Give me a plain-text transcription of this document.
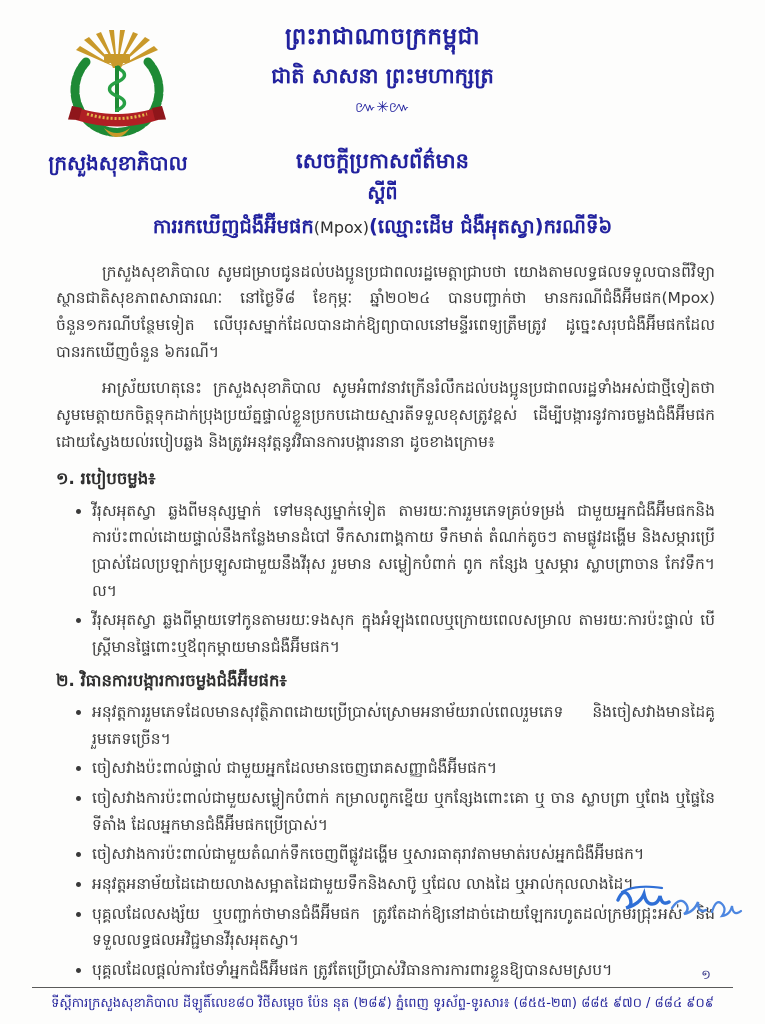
ព្រះរាជាណាចក្រកម្ពុជា
ជាតិ សាសនា ព្រះមហាក្សត្រ
៚✳៚
ក្រសួងសុខាភិបាល	សេចក្តីប្រកាសព័ត៌មាន
ស្តីពី
ការរកឃើញជំងឺអ៊ីមផក(Mpox)(ឈ្មោះដើម ជំងឺអុតស្វា)ករណីទី៦

ក្រសួងសុខាភិបាល សូមជម្រាបជូនដល់បងប្អូនប្រជាពលរដ្ឋមេត្តាជ្រាបថា យោងតាមលទ្ធផលទទួលបានពីវិទ្យាស្ថានជាតិសុខភាពសាធារណៈ នៅថ្ងៃទី៨ ខែកុម្ភៈ ឆ្នាំ២០២៤ បានបញ្ជាក់ថា មានករណីជំងឺអ៊ីមផក(Mpox) ចំនួន១ករណីបន្ថែមទៀត លើបុរសម្នាក់ដែលបានដាក់ឱ្យព្យាបាលនៅមន្ទីរពេទ្យត្រឹមត្រូវ ដូច្នេះសរុបជំងឺអ៊ីមផកដែលបានរកឃើញចំនួន ៦ករណី។

អាស្រ័យហេតុនេះ ក្រសួងសុខាភិបាល សូមអំពាវនាវក្រើនរំលឹកដល់បងប្អូនប្រជាពលរដ្ឋទាំងអស់ជាថ្មីទៀតថា សូមមេត្តាយកចិត្តទុកដាក់ប្រុងប្រយ័ត្នផ្ទាល់ខ្លួនប្រកបដោយស្មារតីទទួលខុសត្រូវខ្ពស់ ដើម្បីបង្ការនូវការចម្លងជំងឺអ៊ីមផកដោយស្វែងយល់របៀបឆ្លង និងត្រូវអនុវត្តនូវវិធានការបង្ការនានា ដូចខាងក្រោម៖

១. របៀបចម្លង៖
• វីរុសអុតស្វា ឆ្លងពីមនុស្សម្នាក់ ទៅមនុស្សម្នាក់ទៀត តាមរយៈការរួមភេទគ្រប់ទម្រង់ ជាមួយអ្នកជំងឺអ៊ីមផកនិងការប៉ះពាល់ដោយផ្ទាល់នឹងកន្លែងមានដំបៅ ទឹកសារពាង្គកាយ ទឹកមាត់ តំណក់តូចៗ តាមផ្លូវដង្ហើម និងសម្ភារប្រើប្រាស់ដែលប្រឡាក់ប្រឡូសជាមួយនឹងវីរុស រួមមាន សម្លៀកបំពាក់ ពូក កន្សែង ឬសម្ភារ ស្លាបព្រាចាន កែវទឹក។ល។
• វីរុសអុតស្វា ឆ្លងពីម្តាយទៅកូនតាមរយៈទងសុក ក្នុងអំឡុងពេលឬក្រោយពេលសម្រាល តាមរយៈការប៉ះផ្ទាល់ បើស្ត្រីមានផ្ទៃពោះឬឪពុកម្តាយមានជំងឺអ៊ីមផក។
២. វិធានការបង្ការការចម្លងជំងឺអ៊ីមផក៖
• អនុវត្តការរួមភេទដែលមានសុវត្ថិភាពដោយប្រើប្រាស់ស្រោមអនាម័យរាល់ពេលរួមភេទ និងចៀសវាងមានដៃគូរួមភេទច្រើន។
• ចៀសវាងប៉ះពាល់ផ្ទាល់ ជាមួយអ្នកដែលមានចេញរោគសញ្ញាជំងឺអ៊ីមផក។
• ចៀសវាងការប៉ះពាល់ជាមួយសម្លៀកបំពាក់ កម្រាលពូកខ្នើយ ឬកន្សែងពោះគោ ឬ ចាន ស្លាបព្រា ឬពែង ឬផ្ទៃនៃទីតាំង ដែលអ្នកមានជំងឺអ៊ីមផកប្រើប្រាស់។
• ចៀសវាងការប៉ះពាល់ជាមួយតំណក់ទឹកចេញពីផ្លូវដង្ហើម ឬសារធាតុរាវតាមមាត់របស់អ្នកជំងឺអ៊ីមផក។
• អនុវត្តអនាម័យដៃដោយលាងសម្អាតដៃជាមួយទឹកនិងសាប៊ូ ឬជែល លាងដៃ ឬអាល់កុលលាងដៃ។
• បុគ្គលដែលសង្ស័យ ឬបញ្ជាក់ថាមានជំងឺអ៊ីមផក ត្រូវតែដាក់ឱ្យនៅដាច់ដោយឡែករហូតដល់ក្រមរជ្រុះអស់ និងទទួលលទ្ធផលអវិជ្ជមានវីរុសអុតស្វា។
• បុគ្គលដែលផ្តល់ការថែទាំអ្នកជំងឺអ៊ីមផក ត្រូវតែប្រើប្រាស់វិធានការការពារខ្លួនឱ្យបានសមស្រប។	១
ទីស្តីការក្រសួងសុខាភិបាល ដីឡូតិ៍លេខ៨០ វិថីសម្តេច ប៉ែន នុត (២៨៩) ភ្នំពេញ ទូរស័ព្ទ-ទូរសារ៖ (៨៥៥-២៣) ៨៨៥ ៩៧០ / ៨៨៤ ៩០៩
